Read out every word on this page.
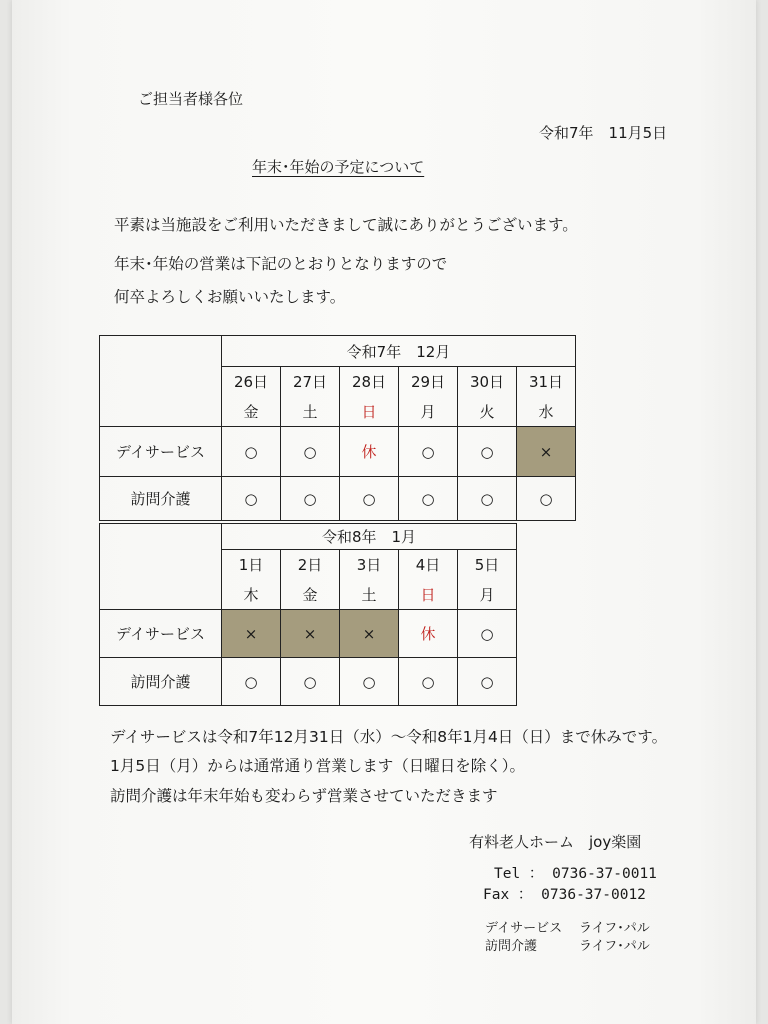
ご担当者様各位
令和7年　11月5日
年末･年始の予定について
平素は当施設をご利用いただきまして誠にありがとうございます。
年末･年始の営業は下記のとおりとなりますので
何卒よろしくお願いいたします。
	令和7年　12月					
	26日	27日	28日	29日	30日	31日
	金	土	日	月	火	水
デイサービス	○	○	休	○	○	×
訪問介護	○	○	○	○	○	○
	令和8年　1月				
	1日	2日	3日	4日	5日
	木	金	土	日	月
デイサービス	×	×	×	休	○
訪問介護	○	○	○	○	○
デイサービスは令和7年12月31日（水）～令和8年1月4日（日）まで休みです。
1月5日（月）からは通常通り営業します（日曜日を除く）。
訪問介護は年末年始も変わらず営業させていただきます
有料老人ホーム　joy楽園
Tel ： 0736-37-0011
Fax ： 0736-37-0012
デイサービス ライフ･パル
訪問介護	ライフ･パル
